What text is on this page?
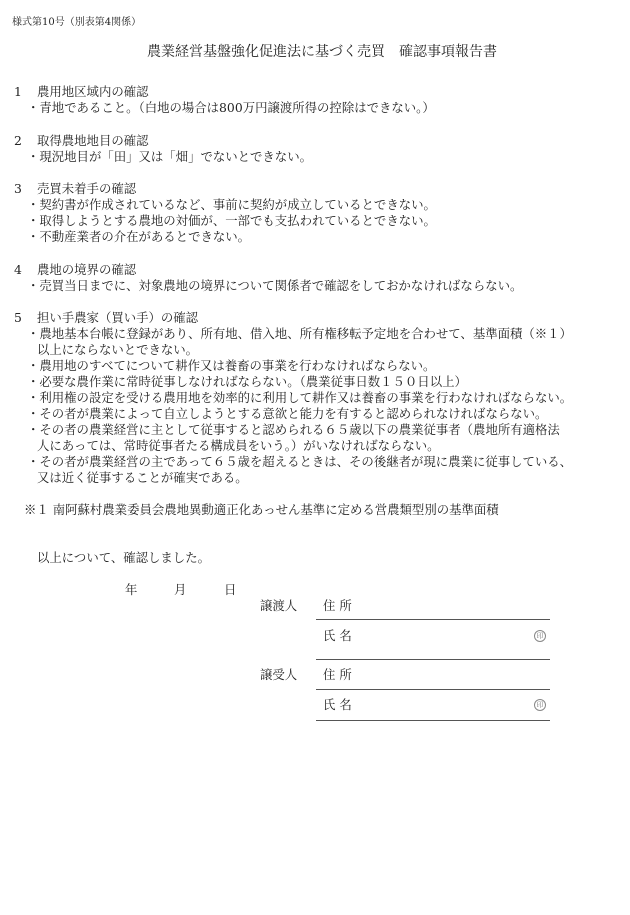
様式第10号（別表第4関係）
農業経営基盤強化促進法に基づく売買　確認事項報告書
1 農用地区域内の確認
・青地であること。（白地の場合は800万円譲渡所得の控除はできない。）
2 取得農地地目の確認
・現況地目が「田」又は「畑」でないとできない。
3 売買未着手の確認
・契約書が作成されているなど、事前に契約が成立しているとできない。
・取得しようとする農地の対価が、一部でも支払われているとできない。
・不動産業者の介在があるとできない。
4 農地の境界の確認
・売買当日までに、対象農地の境界について関係者で確認をしておかなければならない。
5 担い手農家（買い手）の確認
・農地基本台帳に登録があり、所有地、借入地、所有権移転予定地を合わせて、基準面積（※１）
以上にならないとできない。
・農用地のすべてについて耕作又は養畜の事業を行わなければならない。
・必要な農作業に常時従事しなければならない。（農業従事日数１５０日以上）
・利用権の設定を受ける農用地を効率的に利用して耕作又は養畜の事業を行わなければならない。
・その者が農業によって自立しようとする意欲と能力を有すると認められなければならない。
・その者の農業経営に主として従事すると認められる６５歳以下の農業従事者（農地所有適格法
人にあっては、常時従事者たる構成員をいう。）がいなければならない。
・その者が農業経営の主であって６５歳を超えるときは、その後継者が現に農業に従事している、
又は近く従事することが確実である。
※１ 南阿蘇村農業委員会農地異動適正化あっせん基準に定める営農類型別の基準面積
以上について、確認しました。
年	月	日
譲渡人 住 所
氏 名	印
譲受人 住 所
氏 名	印
